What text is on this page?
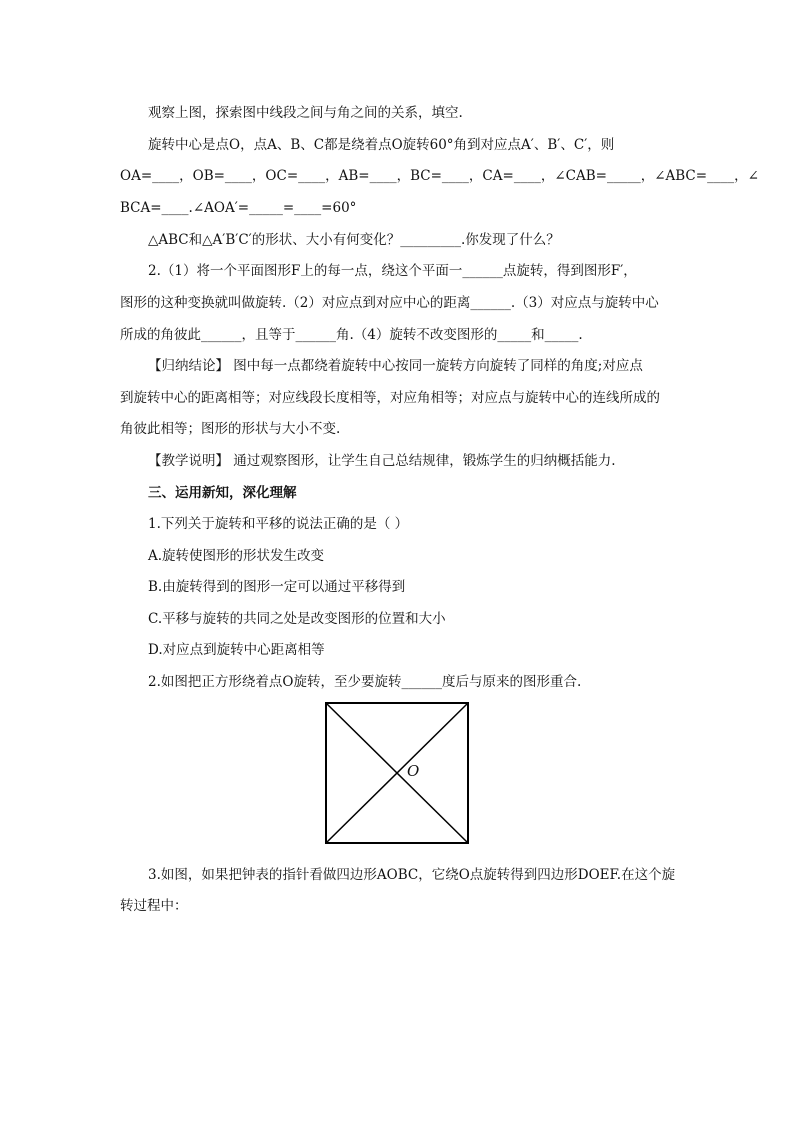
观察上图，探索图中线段之间与角之间的关系，填空.
旋转中心是点O，点A、B、C都是绕着点O旋转60°角到对应点A′、B′、C′，则
OA=____，OB=____，OC=____，AB=____，BC=____，CA=____，∠CAB=_____，∠ABC=____，∠
BCA=____.∠AOA′=_____=____=60°
△ABC和△A′B′C′的形状、大小有何变化？_________.你发现了什么？
2.（1）将一个平面图形F上的每一点，绕这个平面一______点旋转，得到图形F′，
图形的这种变换就叫做旋转.（2）对应点到对应中心的距离______.（3）对应点与旋转中心
所成的角彼此______，且等于______角.（4）旋转不改变图形的_____和_____.
【归纳结论】 图中每一点都绕着旋转中心按同一旋转方向旋转了同样的角度;对应点
到旋转中心的距离相等；对应线段长度相等，对应角相等；对应点与旋转中心的连线所成的
角彼此相等；图形的形状与大小不变.
【教学说明】 通过观察图形，让学生自己总结规律，锻炼学生的归纳概括能力.
三、运用新知，深化理解
1.下列关于旋转和平移的说法正确的是（ ）
A.旋转使图形的形状发生改变
B.由旋转得到的图形一定可以通过平移得到
C.平移与旋转的共同之处是改变图形的位置和大小
D.对应点到旋转中心距离相等
2.如图把正方形绕着点O旋转，至少要旋转______度后与原来的图形重合.
O
3.如图，如果把钟表的指针看做四边形AOBC，它绕O点旋转得到四边形DOEF.在这个旋
转过程中：
